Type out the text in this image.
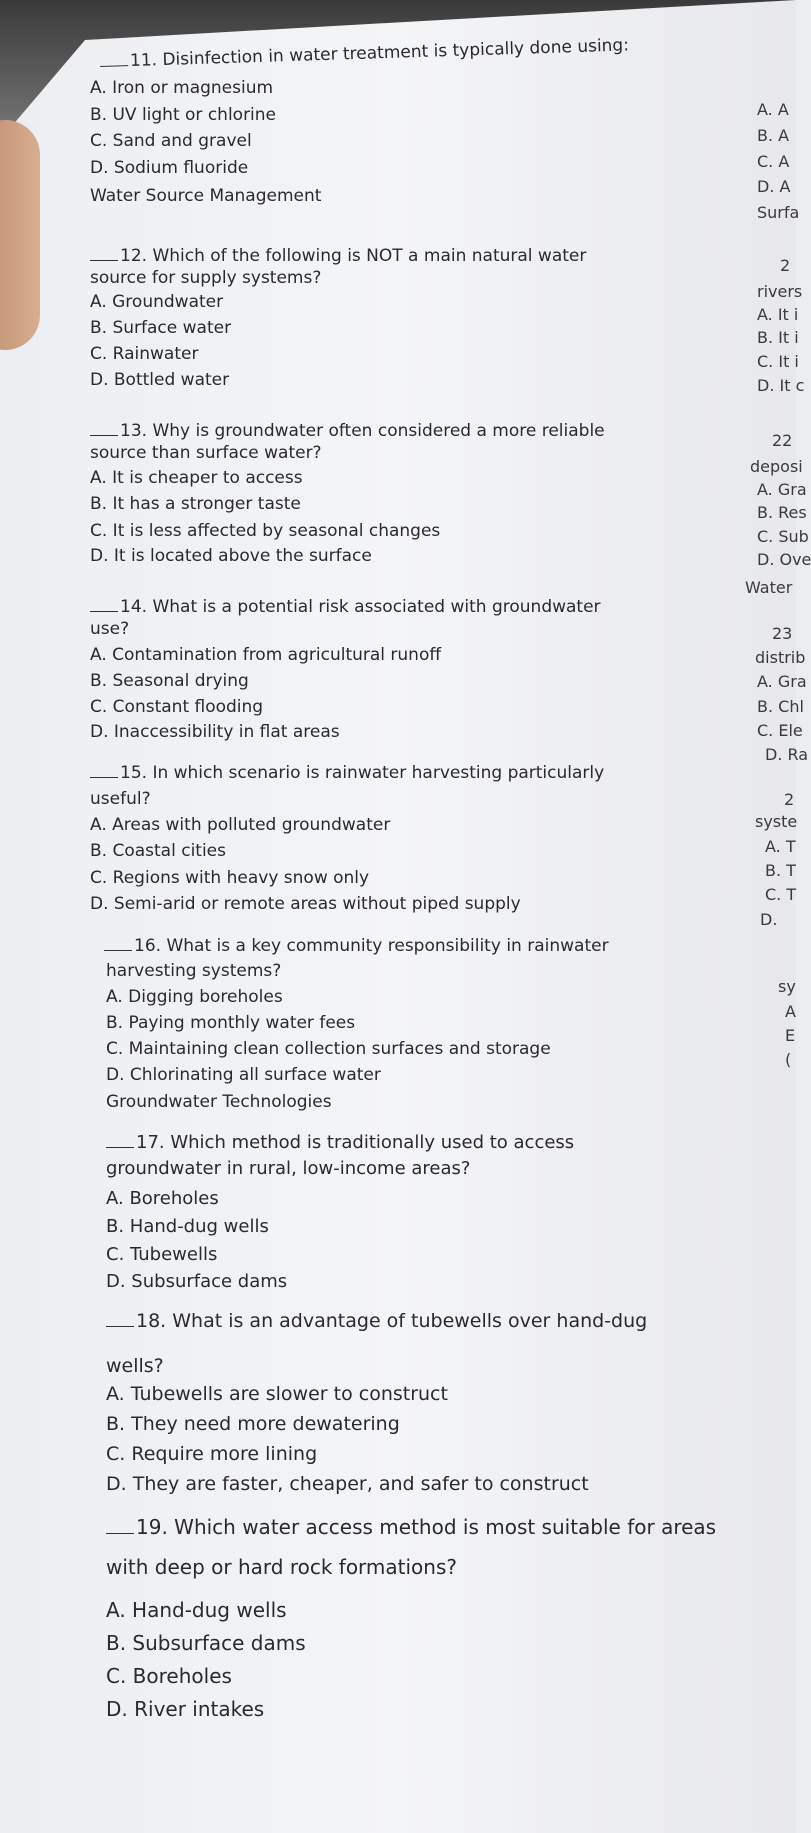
11. Disinfection in water treatment is typically done using:
A. Iron or magnesium
B. UV light or chlorine
C. Sand and gravel
D. Sodium fluoride
Water Source Management
12. Which of the following is NOT a main natural water
source for supply systems?
A. Groundwater
B. Surface water
C. Rainwater
D. Bottled water
13. Why is groundwater often considered a more reliable
source than surface water?
A. It is cheaper to access
B. It has a stronger taste
C. It is less affected by seasonal changes
D. It is located above the surface
14. What is a potential risk associated with groundwater
use?
A. Contamination from agricultural runoff
B. Seasonal drying
C. Constant flooding
D. Inaccessibility in flat areas
15. In which scenario is rainwater harvesting particularly
useful?
A. Areas with polluted groundwater
B. Coastal cities
C. Regions with heavy snow only
D. Semi-arid or remote areas without piped supply
16. What is a key community responsibility in rainwater
harvesting systems?
A. Digging boreholes
B. Paying monthly water fees
C. Maintaining clean collection surfaces and storage
D. Chlorinating all surface water
Groundwater Technologies
17. Which method is traditionally used to access
groundwater in rural, low-income areas?
A. Boreholes
B. Hand-dug wells
C. Tubewells
D. Subsurface dams
18. What is an advantage of tubewells over hand-dug
wells?
A. Tubewells are slower to construct
B. They need more dewatering
C. Require more lining
D. They are faster, cheaper, and safer to construct
19. Which water access method is most suitable for areas
with deep or hard rock formations?
A. Hand-dug wells
B. Subsurface dams
C. Boreholes
D. River intakes
A. A
B. A
C. A
D. A
Surfa
2
rivers
A. It i
B. It i
C. It i
D. It c
22
deposi
A. Gra
B. Res
C. Sub
D. Ove
Water
23
distrib
A. Gra
B. Chl
C. Ele
D. Ra
2
syste
A. T
B. T
C. T
D.
sy
A
E
(
